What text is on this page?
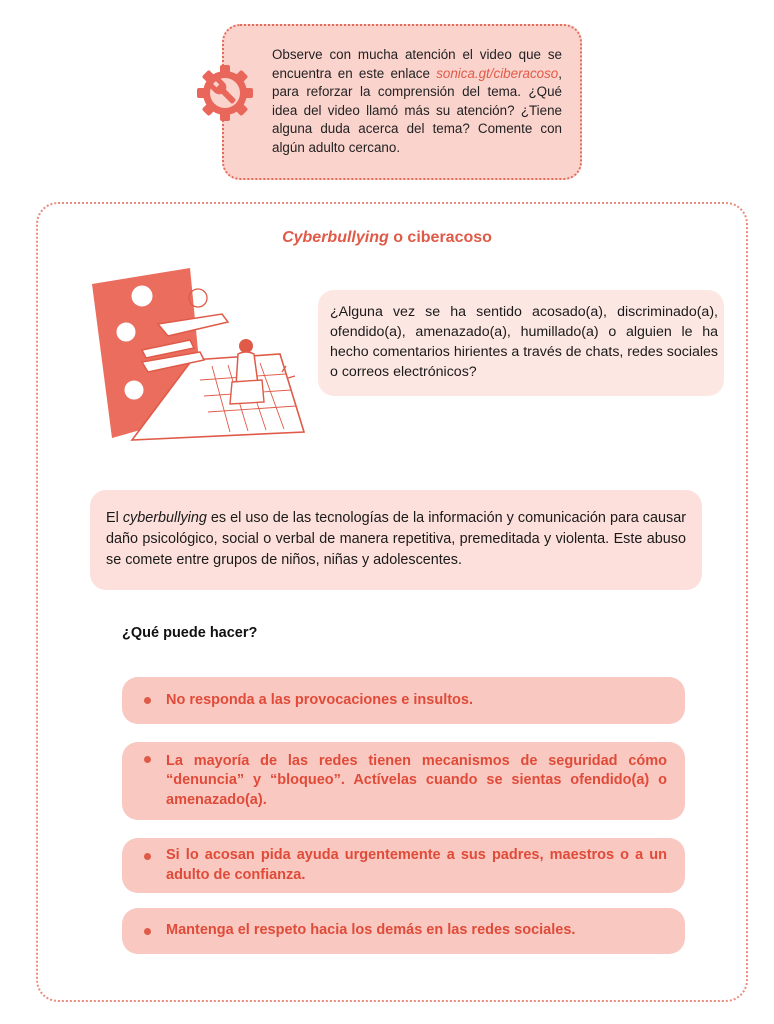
Observe con mucha atención el video que se encuentra en este enlace sonica.gt/ciberacoso, para reforzar la comprensión del tema. ¿Qué idea del video llamó más su atención? ¿Tiene alguna duda acerca del tema? Comente con algún adulto cercano.
Cyberbullying o ciberacoso
¿Alguna vez se ha sentido acosado(a), discriminado(a), ofendido(a), amenazado(a), humillado(a) o alguien le ha hecho comentarios hirientes a través de chats, redes sociales o correos electrónicos?
El cyberbullying es el uso de las tecnologías de la información y comunicación para causar daño psicológico, social o verbal de manera repetitiva, premeditada y violenta. Este abuso se comete entre grupos de niños, niñas y adolescentes.
¿Qué puede hacer?
No responda a las provocaciones e insultos.
La mayoría de las redes tienen mecanismos de seguridad cómo “denuncia” y “bloqueo”. Actívelas cuando se sientas ofendido(a) o amenazado(a).
Si lo acosan pida ayuda urgentemente a sus padres, maestros o a un adulto de confianza.
Mantenga el respeto hacia los demás en las redes sociales.
